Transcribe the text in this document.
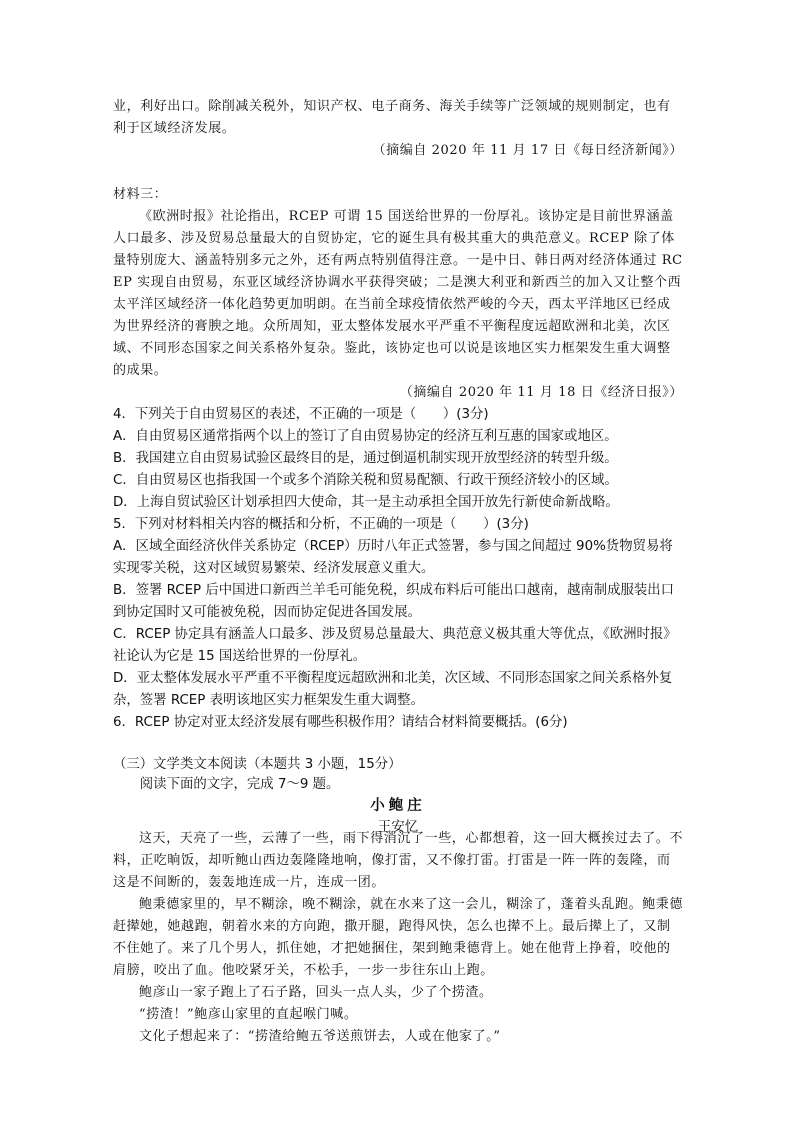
业，利好出口。除削减关税外，知识产权、电子商务、海关手续等广泛领域的规则制定，也有利于区域经济发展。

（摘编自 2020 年 11 月 17 日《每日经济新闻》）

材料三：

《欧洲时报》社论指出，RCEP 可谓 15 国送给世界的一份厚礼。该协定是目前世界涵盖人口最多、涉及贸易总量最大的自贸协定，它的诞生具有极其重大的典范意义。RCEP 除了体量特别庞大、涵盖特别多元之外，还有两点特别值得注意。一是中日、韩日两对经济体通过 RCEP 实现自由贸易，东亚区域经济协调水平获得突破；二是澳大利亚和新西兰的加入又让整个西太平洋区域经济一体化趋势更加明朗。在当前全球疫情依然严峻的今天，西太平洋地区已经成为世界经济的膏腴之地。众所周知，亚太整体发展水平严重不平衡程度远超欧洲和北美，次区域、不同形态国家之间关系格外复杂。鉴此，该协定也可以说是该地区实力框架发生重大调整的成果。

（摘编自 2020 年 11 月 18 日《经济日报》）

4．下列关于自由贸易区的表述，不正确的一项是（　　）(3分)

A．自由贸易区通常指两个以上的签订了自由贸易协定的经济互利互惠的国家或地区。

B．我国建立自由贸易试验区最终目的是，通过倒逼机制实现开放型经济的转型升级。

C．自由贸易区也指我国一个或多个消除关税和贸易配额、行政干预经济较小的区域。

D．上海自贸试验区计划承担四大使命，其一是主动承担全国开放先行新使命新战略。

5．下列对材料相关内容的概括和分析，不正确的一项是（　　）(3分)

A．区域全面经济伙伴关系协定（RCEP）历时八年正式签署，参与国之间超过 90%货物贸易将实现零关税，这对区域贸易繁荣、经济发展意义重大。

B．签署 RCEP 后中国进口新西兰羊毛可能免税，织成布料后可能出口越南，越南制成服装出口到协定国时又可能被免税，因而协定促进各国发展。

C．RCEP 协定具有涵盖人口最多、涉及贸易总量最大、典范意义极其重大等优点，《欧洲时报》社论认为它是 15 国送给世界的一份厚礼。

D．亚太整体发展水平严重不平衡程度远超欧洲和北美，次区域、不同形态国家之间关系格外复杂，签署 RCEP 表明该地区实力框架发生重大调整。

6．RCEP 协定对亚太经济发展有哪些积极作用？请结合材料简要概括。(6分)

（三）文学类文本阅读（本题共 3 小题，15分）

阅读下面的文字，完成 7～9 题。

小鲍庄

王安忆

这天，天亮了一些，云薄了一些，雨下得消沉了一些，心都想着，这一回大概挨过去了。不料，正吃晌饭，却听鲍山西边轰隆隆地响，像打雷，又不像打雷。打雷是一阵一阵的轰隆，而这是不间断的，轰轰地连成一片，连成一团。

鲍秉德家里的，早不糊涂，晚不糊涂，就在水来了这一会儿，糊涂了，蓬着头乱跑。鲍秉德赶撵她，她越跑，朝着水来的方向跑，撒开腿，跑得风快，怎么也撵不上。最后撵上了，又制不住她了。来了几个男人，抓住她，才把她捆住，架到鲍秉德背上。她在他背上挣着，咬他的肩膀，咬出了血。他咬紧牙关，不松手，一步一步往东山上跑。

鲍彦山一家子跑上了石子路，回头一点人头，少了个捞渣。

“捞渣！”鲍彦山家里的直起喉门喊。

文化子想起来了：“捞渣给鲍五爷送煎饼去，人或在他家了。”
